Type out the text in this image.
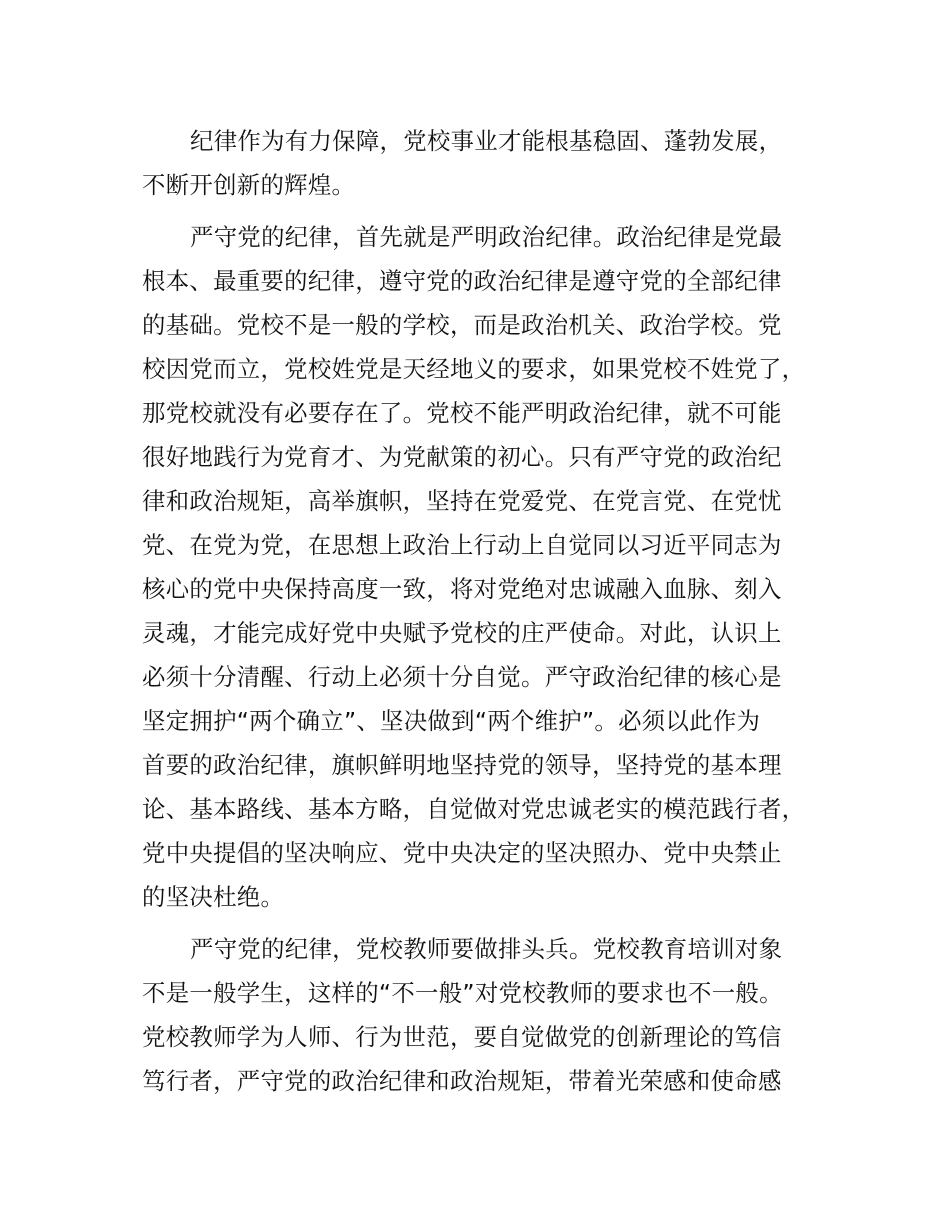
纪律作为有力保障，党校事业才能根基稳固、蓬勃发展，
不断开创新的辉煌。
严守党的纪律，首先就是严明政治纪律。政治纪律是党最
根本、最重要的纪律，遵守党的政治纪律是遵守党的全部纪律
的基础。党校不是一般的学校，而是政治机关、政治学校。党
校因党而立，党校姓党是天经地义的要求，如果党校不姓党了，
那党校就没有必要存在了。党校不能严明政治纪律，就不可能
很好地践行为党育才、为党献策的初心。只有严守党的政治纪
律和政治规矩，高举旗帜，坚持在党爱党、在党言党、在党忧
党、在党为党，在思想上政治上行动上自觉同以习近平同志为
核心的党中央保持高度一致，将对党绝对忠诚融入血脉、刻入
灵魂，才能完成好党中央赋予党校的庄严使命。对此，认识上
必须十分清醒、行动上必须十分自觉。严守政治纪律的核心是
坚定拥护“两个确立”、坚决做到“两个维护”。必须以此作为
首要的政治纪律，旗帜鲜明地坚持党的领导，坚持党的基本理
论、基本路线、基本方略，自觉做对党忠诚老实的模范践行者，
党中央提倡的坚决响应、党中央决定的坚决照办、党中央禁止
的坚决杜绝。
严守党的纪律，党校教师要做排头兵。党校教育培训对象
不是一般学生，这样的“不一般”对党校教师的要求也不一般。
党校教师学为人师、行为世范，要自觉做党的创新理论的笃信
笃行者，严守党的政治纪律和政治规矩，带着光荣感和使命感
